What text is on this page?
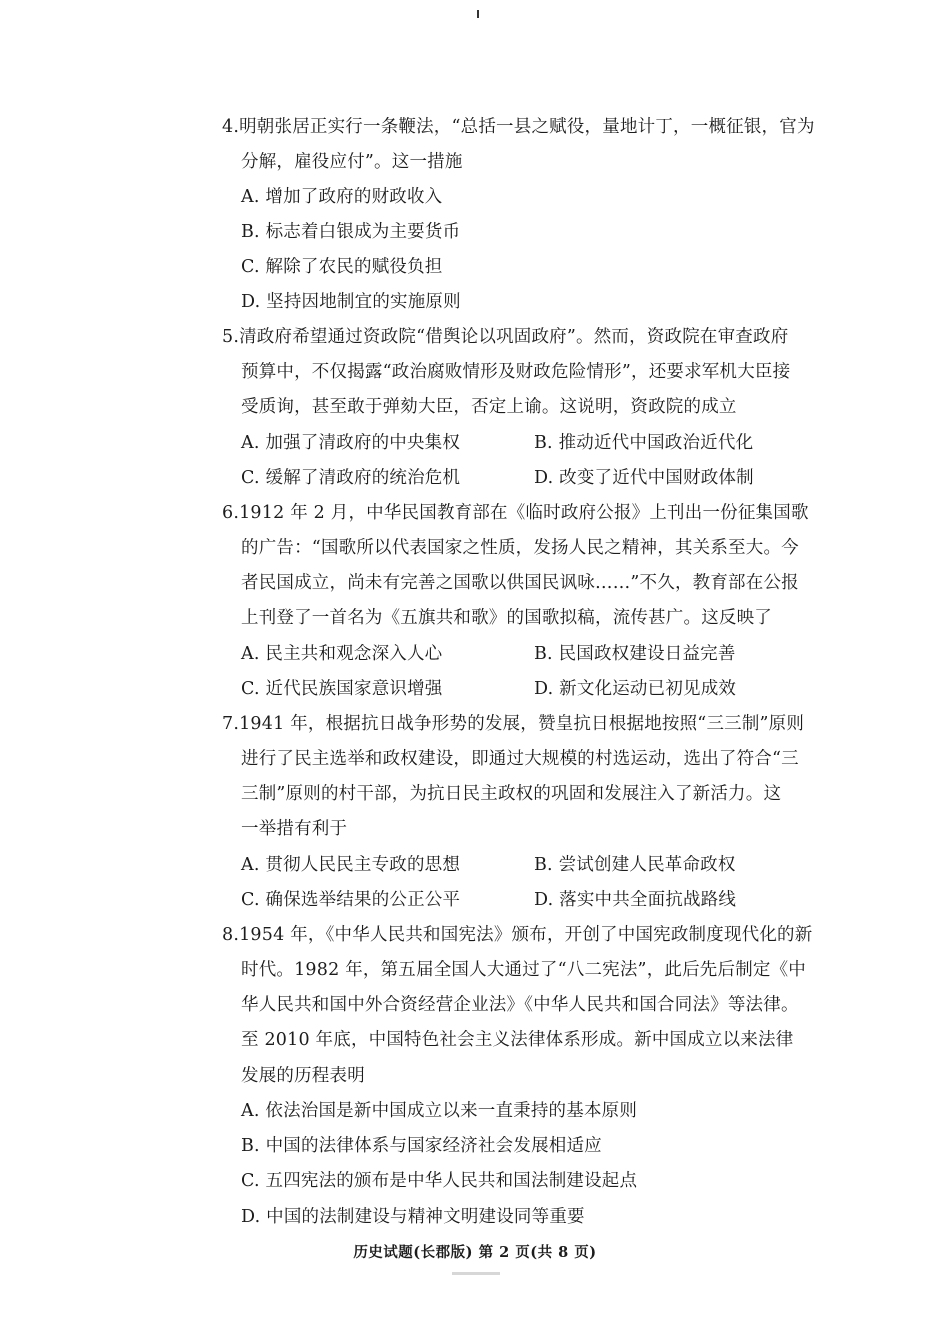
4.明朝张居正实行一条鞭法，“总括一县之赋役，量地计丁，一概征银，官为
分解，雇役应付”。这一措施
A. 增加了政府的财政收入
B. 标志着白银成为主要货币
C. 解除了农民的赋役负担
D. 坚持因地制宜的实施原则
5.清政府希望通过资政院“借舆论以巩固政府”。然而，资政院在审查政府
预算中，不仅揭露“政治腐败情形及财政危险情形”，还要求军机大臣接
受质询，甚至敢于弹劾大臣，否定上谕。这说明，资政院的成立
A. 加强了清政府的中央集权	B. 推动近代中国政治近代化
C. 缓解了清政府的统治危机	D. 改变了近代中国财政体制
6.1912 年 2 月，中华民国教育部在《临时政府公报》上刊出一份征集国歌
的广告：“国歌所以代表国家之性质，发扬人民之精神，其关系至大。今
者民国成立，尚未有完善之国歌以供国民讽咏……”不久，教育部在公报
上刊登了一首名为《五旗共和歌》的国歌拟稿，流传甚广。这反映了
A. 民主共和观念深入人心	B. 民国政权建设日益完善
C. 近代民族国家意识增强	D. 新文化运动已初见成效
7.1941 年，根据抗日战争形势的发展，赞皇抗日根据地按照“三三制”原则
进行了民主选举和政权建设，即通过大规模的村选运动，选出了符合“三
三制”原则的村干部，为抗日民主政权的巩固和发展注入了新活力。这
一举措有利于
A. 贯彻人民民主专政的思想	B. 尝试创建人民革命政权
C. 确保选举结果的公正公平	D. 落实中共全面抗战路线
8.1954 年，《中华人民共和国宪法》颁布，开创了中国宪政制度现代化的新
时代。1982 年，第五届全国人大通过了“八二宪法”，此后先后制定《中
华人民共和国中外合资经营企业法》《中华人民共和国合同法》等法律。
至 2010 年底，中国特色社会主义法律体系形成。新中国成立以来法律
发展的历程表明
A. 依法治国是新中国成立以来一直秉持的基本原则
B. 中国的法律体系与国家经济社会发展相适应
C. 五四宪法的颁布是中华人民共和国法制建设起点
D. 中国的法制建设与精神文明建设同等重要
历史试题(长郡版) 第 2 页(共 8 页)
